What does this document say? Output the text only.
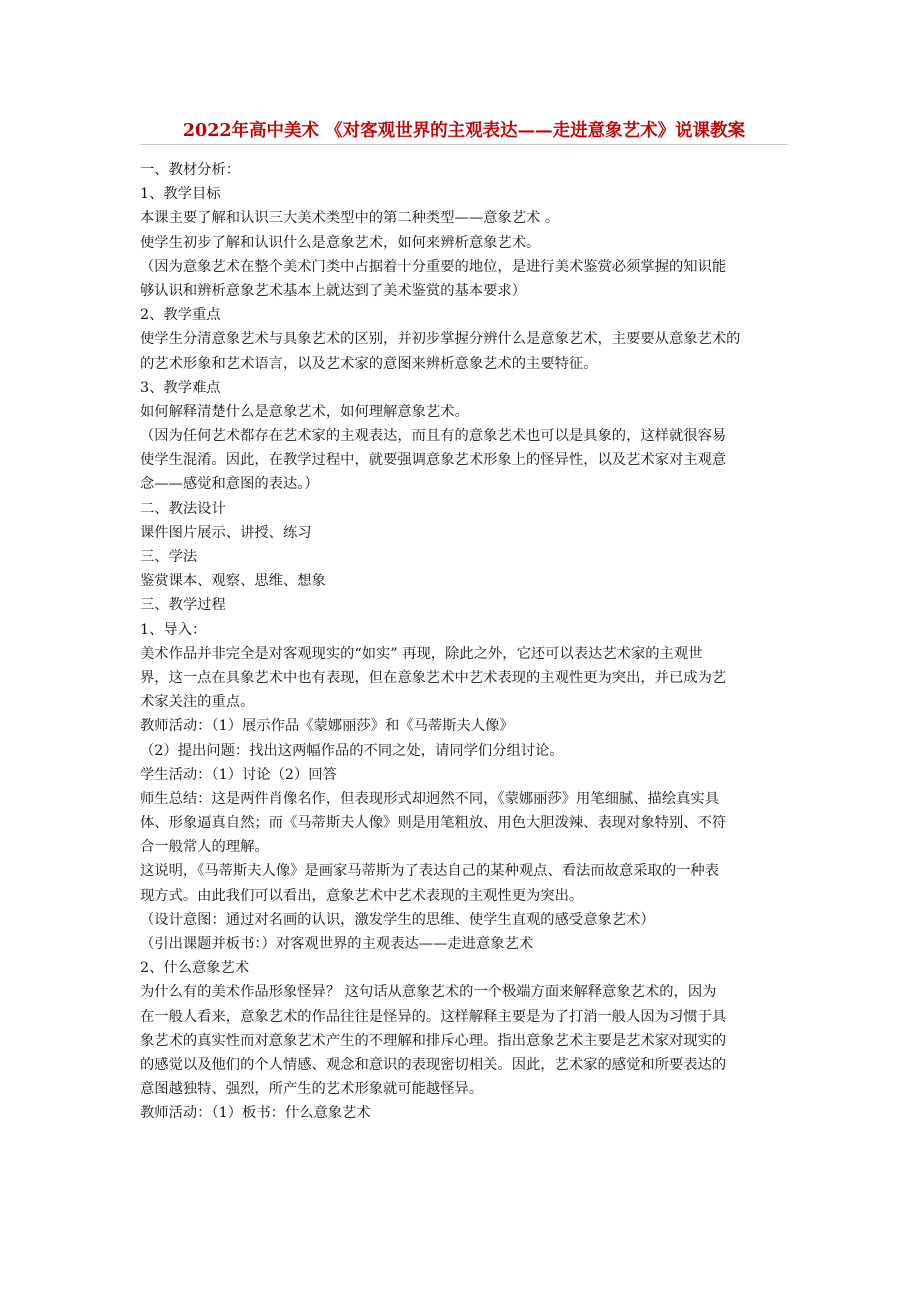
2022年高中美术 《对客观世界的主观表达——走进意象艺术》说课教案
一、教材分析：
1、教学目标
本课主要了解和认识三大美术类型中的第二种类型——意象艺术 。
使学生初步了解和认识什么是意象艺术，如何来辨析意象艺术。
（因为意象艺术在整个美术门类中占据着十分重要的地位，是进行美术鉴赏必须掌握的知识能
够认识和辨析意象艺术基本上就达到了美术鉴赏的基本要求）
2、教学重点
使学生分清意象艺术与具象艺术的区别，并初步掌握分辨什么是意象艺术，主要要从意象艺术的
的艺术形象和艺术语言，以及艺术家的意图来辨析意象艺术的主要特征。
3、教学难点
如何解释清楚什么是意象艺术，如何理解意象艺术。
（因为任何艺术都存在艺术家的主观表达，而且有的意象艺术也可以是具象的，这样就很容易
使学生混淆。因此，在教学过程中，就要强调意象艺术形象上的怪异性，以及艺术家对主观意
念——感觉和意图的表达。）
二、教法设计
课件图片展示、讲授、练习
三、学法
鉴赏课本、观察、思维、想象
三、教学过程
1、导入：
美术作品并非完全是对客观现实的“如实” 再现，除此之外，它还可以表达艺术家的主观世
界，这一点在具象艺术中也有表现，但在意象艺术中艺术表现的主观性更为突出，并已成为艺
术家关注的重点。
教师活动：（1）展示作品《蒙娜丽莎》和《马蒂斯夫人像》
（2）提出问题：找出这两幅作品的不同之处，请同学们分组讨论。
学生活动：（1）讨论（2）回答
师生总结：这是两件肖像名作，但表现形式却迥然不同，《蒙娜丽莎》用笔细腻、描绘真实具
体、形象逼真自然；而《马蒂斯夫人像》则是用笔粗放、用色大胆泼辣、表现对象特别、不符
合一般常人的理解。
这说明，《马蒂斯夫人像》是画家马蒂斯为了表达自己的某种观点、看法而故意采取的一种表
现方式。由此我们可以看出，意象艺术中艺术表现的主观性更为突出。
（设计意图：通过对名画的认识，激发学生的思维、使学生直观的感受意象艺术）
（引出课题并板书：）对客观世界的主观表达——走进意象艺术
2、什么意象艺术
为什么有的美术作品形象怪异？ 这句话从意象艺术的一个极端方面来解释意象艺术的，因为
在一般人看来，意象艺术的作品往往是怪异的。这样解释主要是为了打消一般人因为习惯于具
象艺术的真实性而对意象艺术产生的不理解和排斥心理。指出意象艺术主要是艺术家对现实的
的感觉以及他们的个人情感、观念和意识的表现密切相关。因此，艺术家的感觉和所要表达的
意图越独特、强烈，所产生的艺术形象就可能越怪异。
教师活动：（1）板书：什么意象艺术
